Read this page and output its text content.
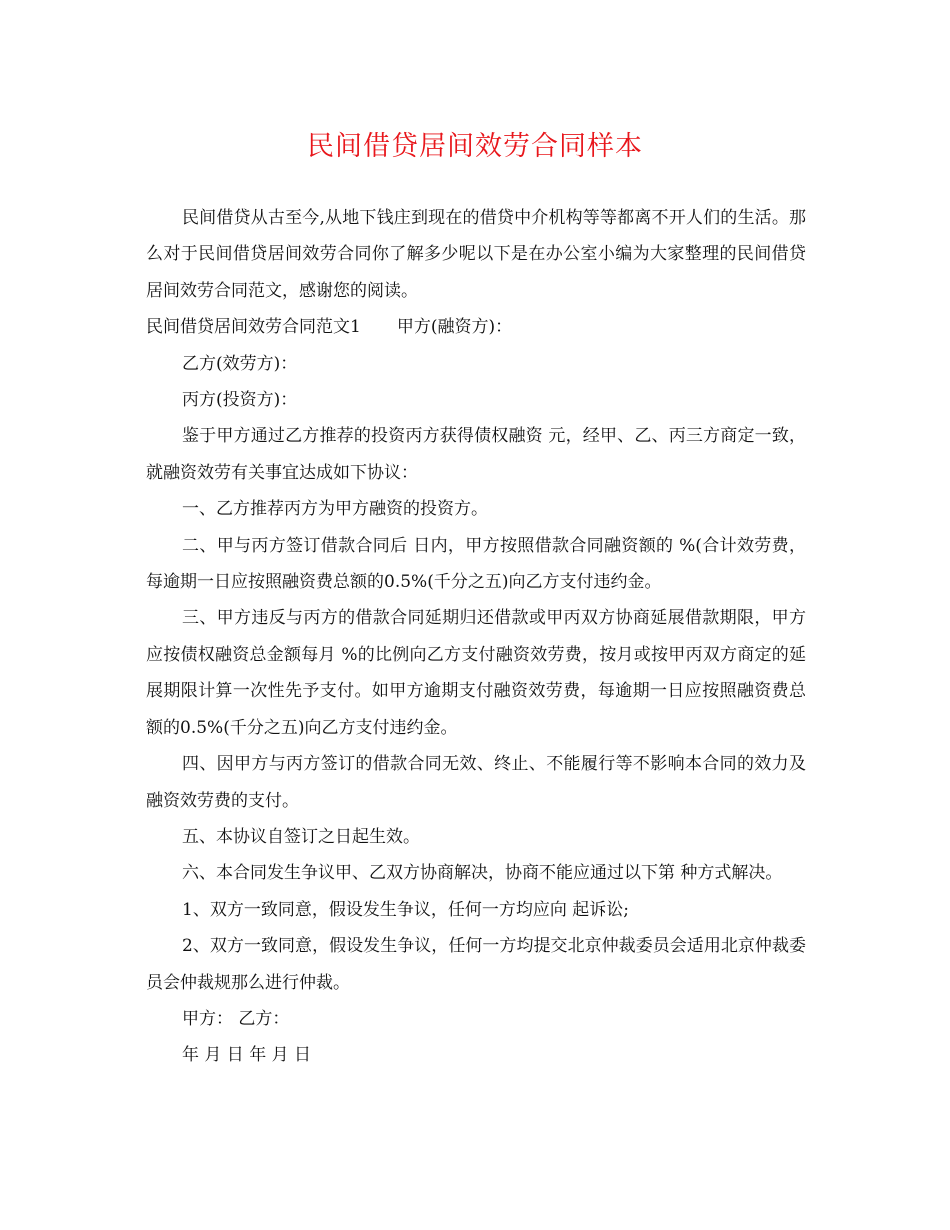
民间借贷居间效劳合同样本

民间借贷从古至今,从地下钱庄到现在的借贷中介机构等等都离不开人们的生活。那么对于民间借贷居间效劳合同你了解多少呢以下是在办公室小编为大家整理的民间借贷居间效劳合同范文，感谢您的阅读。

民间借贷居间效劳合同范文1 甲方(融资方)：

乙方(效劳方)：

丙方(投资方)：

鉴于甲方通过乙方推荐的投资丙方获得债权融资 元，经甲、乙、丙三方商定一致，就融资效劳有关事宜达成如下协议：

一、乙方推荐丙方为甲方融资的投资方。

二、甲与丙方签订借款合同后 日内，甲方按照借款合同融资额的 %(合计效劳费，每逾期一日应按照融资费总额的0.5%(千分之五)向乙方支付违约金。

三、甲方违反与丙方的借款合同延期归还借款或甲丙双方协商延展借款期限，甲方应按债权融资总金额每月 %的比例向乙方支付融资效劳费，按月或按甲丙双方商定的延展期限计算一次性先予支付。如甲方逾期支付融资效劳费，每逾期一日应按照融资费总额的0.5%(千分之五)向乙方支付违约金。

四、因甲方与丙方签订的借款合同无效、终止、不能履行等不影响本合同的效力及融资效劳费的支付。

五、本协议自签订之日起生效。

六、本合同发生争议甲、乙双方协商解决，协商不能应通过以下第 种方式解决。

1、双方一致同意，假设发生争议，任何一方均应向 起诉讼;

2、双方一致同意，假设发生争议，任何一方均提交北京仲裁委员会适用北京仲裁委员会仲裁规那么进行仲裁。

甲方： 乙方：

年 月 日 年 月 日
